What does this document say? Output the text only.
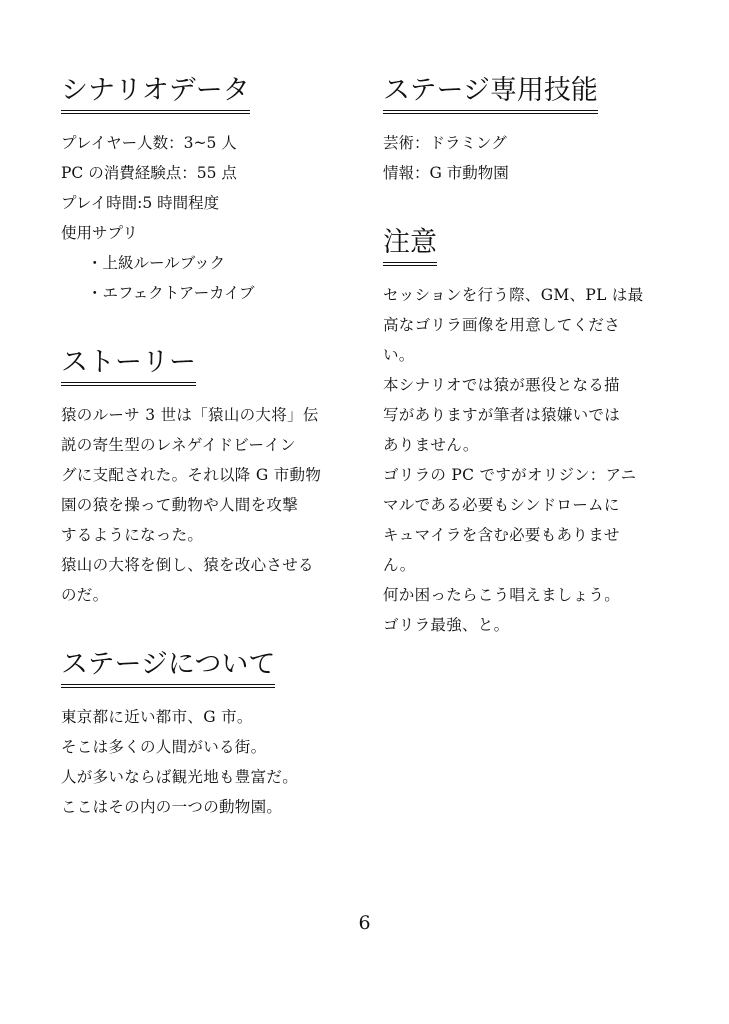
シナリオデータ

プレイヤー人数：3~5 人

PC の消費経験点：55 点

プレイ時間:5 時間程度

使用サプリ

・上級ルールブック

・エフェクトアーカイブ

ストーリー

猿のルーサ 3 世は「猿山の大将」伝

説の寄生型のレネゲイドビーイン

グに支配された。それ以降 G 市動物

園の猿を操って動物や人間を攻撃

するようになった。

猿山の大将を倒し、猿を改心させる

のだ。

ステージについて

東京都に近い都市、G 市。

そこは多くの人間がいる街。

人が多いならば観光地も豊富だ。

ここはその内の一つの動物園。

ステージ専用技能

芸術：ドラミング

情報：G 市動物園

注意

セッションを行う際、GM、PL は最

高なゴリラ画像を用意してくださ

い。

本シナリオでは猿が悪役となる描

写がありますが筆者は猿嫌いでは

ありません。

ゴリラの PC ですがオリジン：アニ

マルである必要もシンドロームに

キュマイラを含む必要もありませ

ん。

何か困ったらこう唱えましょう。

ゴリラ最強、と。

6
